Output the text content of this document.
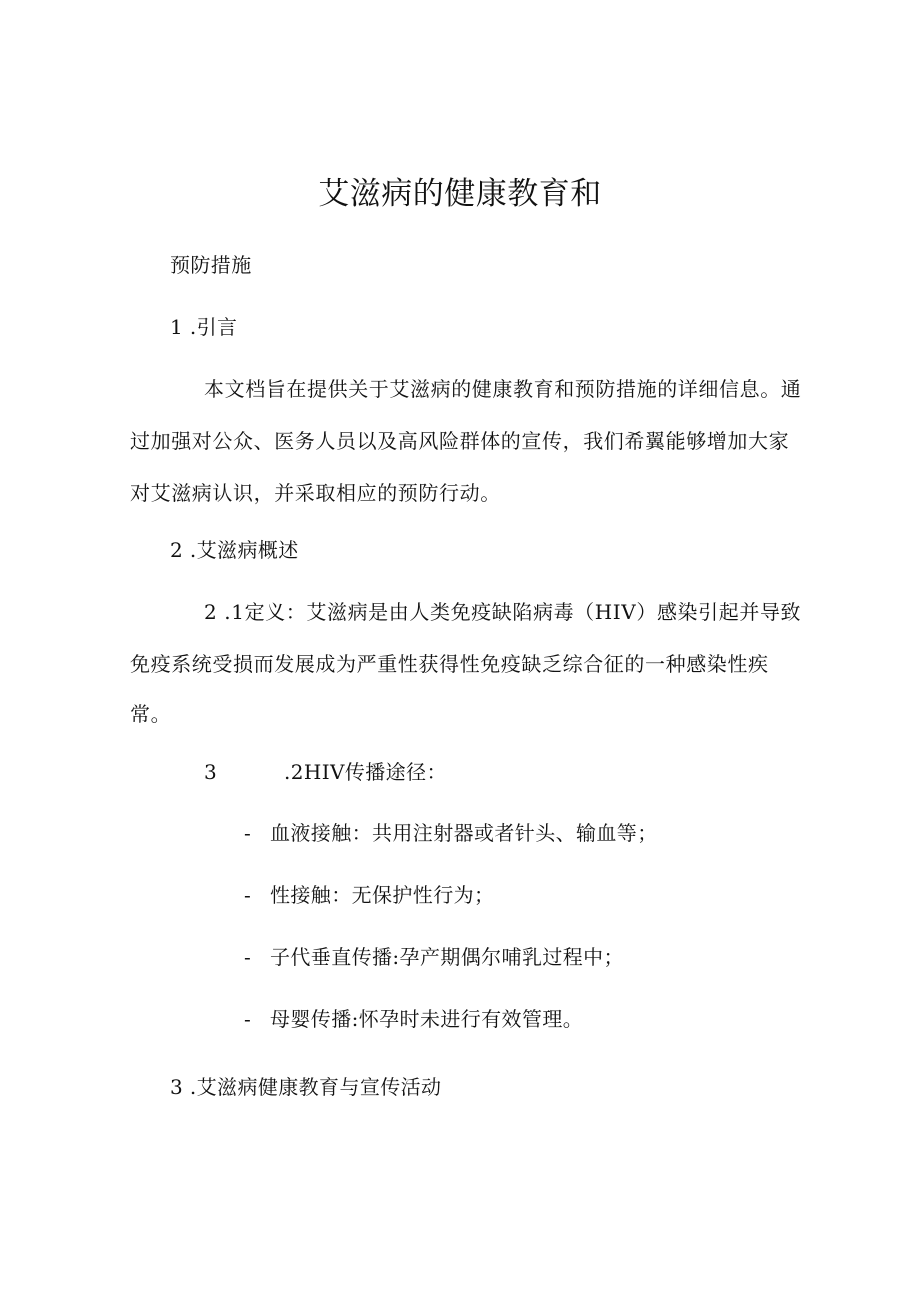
艾滋病的健康教育和
预防措施
1 .引言
本文档旨在提供关于艾滋病的健康教育和预防措施的详细信息。通
过加强对公众、医务人员以及高风险群体的宣传，我们希翼能够增加大家
对艾滋病认识，并采取相应的预防行动。
2 .艾滋病概述
2 .1定义：艾滋病是由人类免疫缺陷病毒（HIV）感染引起并导致
免疫系统受损而发展成为严重性获得性免疫缺乏综合征的一种感染性疾
常。
3	.2HIV传播途径：
- 血液接触：共用注射器或者针头、输血等；
- 性接触：无保护性行为；
- 子代垂直传播:孕产期偶尔哺乳过程中；
- 母婴传播:怀孕时未进行有效管理。
3 .艾滋病健康教育与宣传活动
